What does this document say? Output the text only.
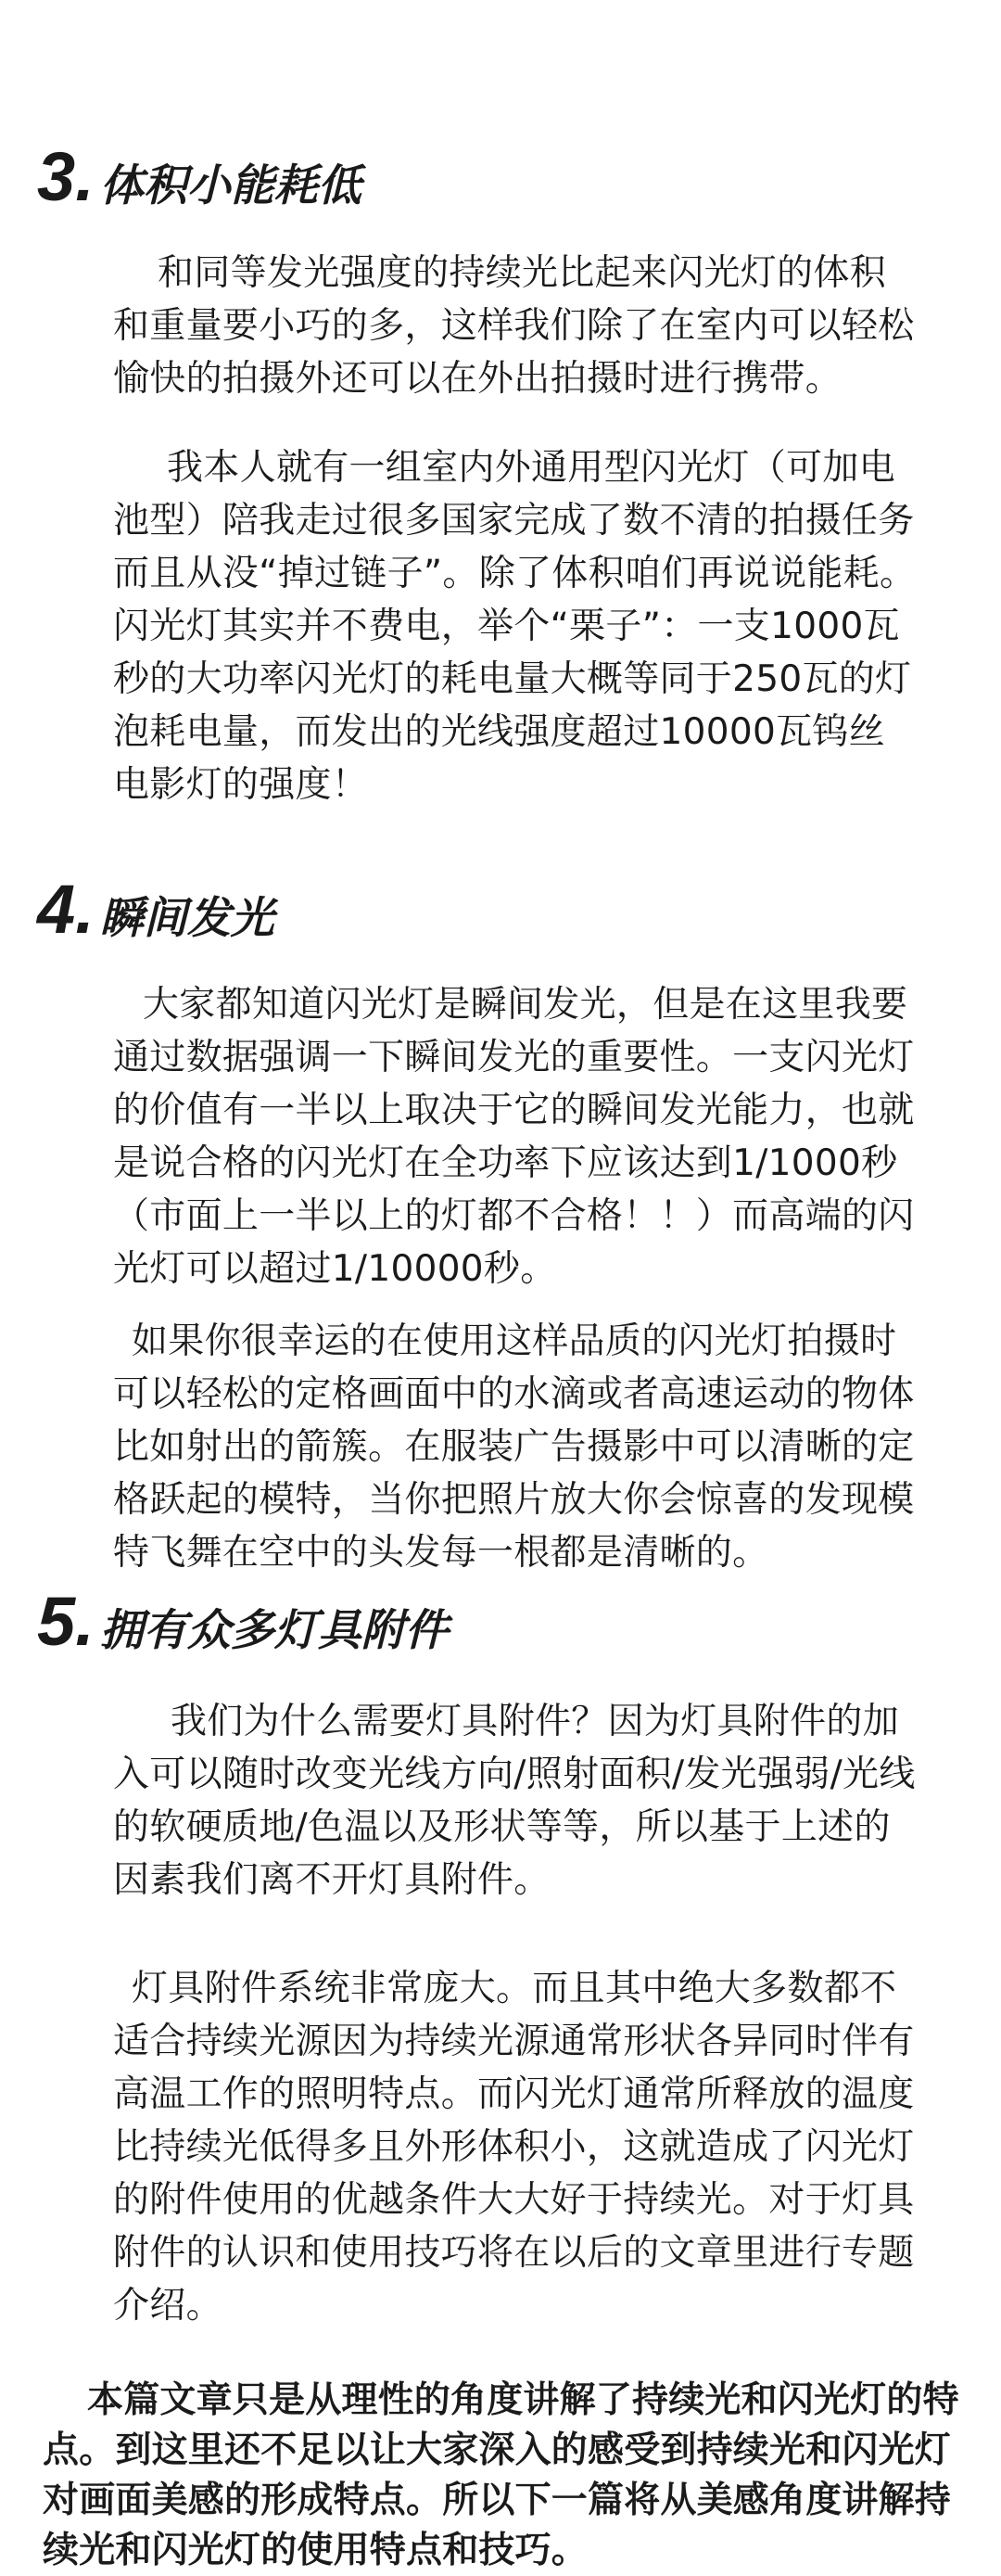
3 . 体积小能耗低

和同等发光强度的持续光比起来闪光灯的体积和重量要小巧的多，这样我们除了在室内可以轻松愉快的拍摄外还可以在外出拍摄时进行携带。

我本人就有一组室内外通用型闪光灯（可加电池型）陪我走过很多国家完成了数不清的拍摄任务而且从没“掉过链子”。除了体积咱们再说说能耗。闪光灯其实并不费电，举个“栗子”：一支1000瓦秒的大功率闪光灯的耗电量大概等同于250瓦的灯泡耗电量，而发出的光线强度超过10000瓦钨丝电影灯的强度！

4 . 瞬间发光

大家都知道闪光灯是瞬间发光，但是在这里我要通过数据强调一下瞬间发光的重要性。一支闪光灯的价值有一半以上取决于它的瞬间发光能力，也就是说合格的闪光灯在全功率下应该达到1/1000秒（市面上一半以上的灯都不合格！！）而高端的闪光灯可以超过1/10000秒。

如果你很幸运的在使用这样品质的闪光灯拍摄时可以轻松的定格画面中的水滴或者高速运动的物体比如射出的箭簇。在服装广告摄影中可以清晰的定格跃起的模特，当你把照片放大你会惊喜的发现模特飞舞在空中的头发每一根都是清晰的。

5 . 拥有众多灯具附件

我们为什么需要灯具附件？因为灯具附件的加入可以随时改变光线方向/照射面积/发光强弱/光线的软硬质地/色温以及形状等等，所以基于上述的因素我们离不开灯具附件。

灯具附件系统非常庞大。而且其中绝大多数都不适合持续光源因为持续光源通常形状各异同时伴有高温工作的照明特点。而闪光灯通常所释放的温度比持续光低得多且外形体积小，这就造成了闪光灯的附件使用的优越条件大大好于持续光。对于灯具附件的认识和使用技巧将在以后的文章里进行专题介绍。

本篇文章只是从理性的角度讲解了持续光和闪光灯的特点。到这里还不足以让大家深入的感受到持续光和闪光灯对画面美感的形成特点。所以下一篇将从美感角度讲解持续光和闪光灯的使用特点和技巧。
